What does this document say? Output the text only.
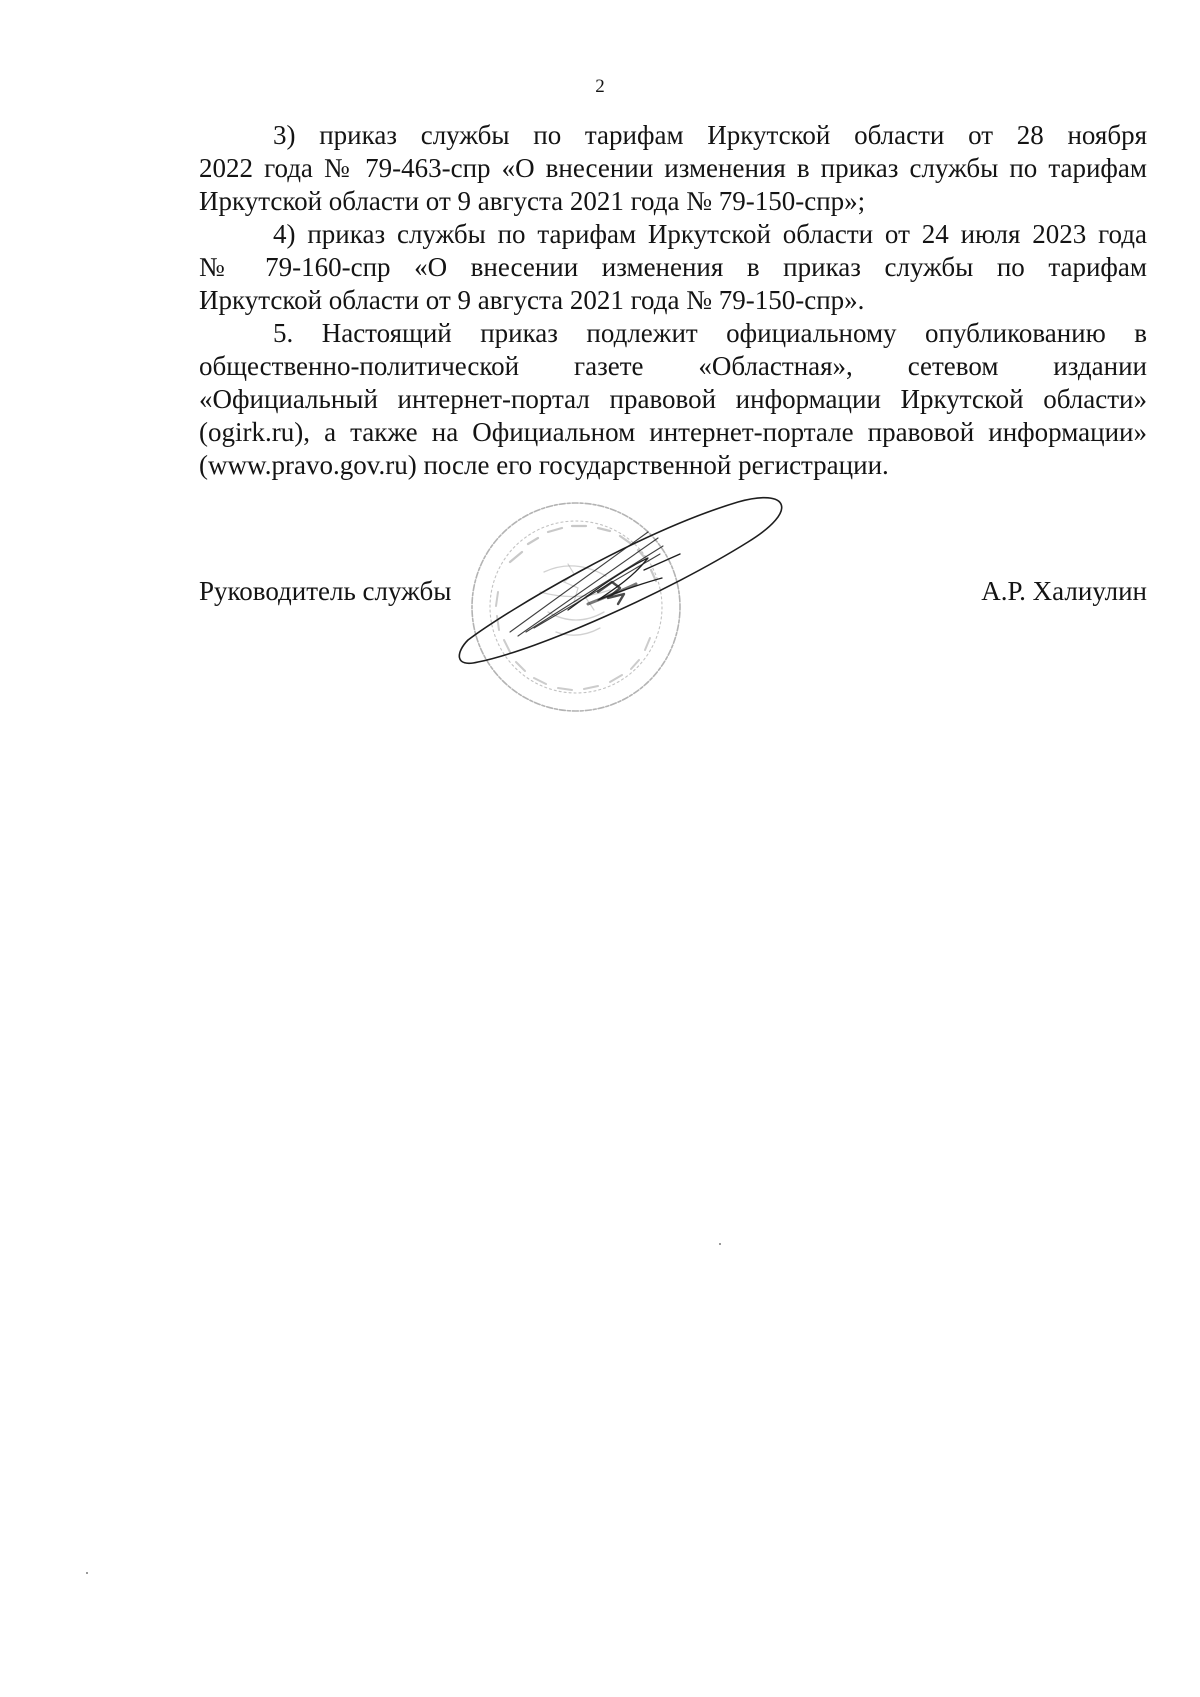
2

3) приказ службы по тарифам Иркутской области от 28 ноября
2022 года № 79-463-спр «О внесении изменения в приказ службы по тарифам
Иркутской области от 9 августа 2021 года № 79-150-спр»;

4) приказ службы по тарифам Иркутской области от 24 июля 2023 года
№ 79-160-спр «О внесении изменения в приказ службы по тарифам
Иркутской области от 9 августа 2021 года № 79-150-спр».

5. Настоящий приказ подлежит официальному опубликованию в
общественно-политической газете «Областная», сетевом издании
«Официальный интернет-портал правовой информации Иркутской области»
(ogirk.ru), а также на Официальном интернет-портале правовой информации»
(www.pravo.gov.ru) после его государственной регистрации.

Руководитель службы	А.Р. Халиулин
